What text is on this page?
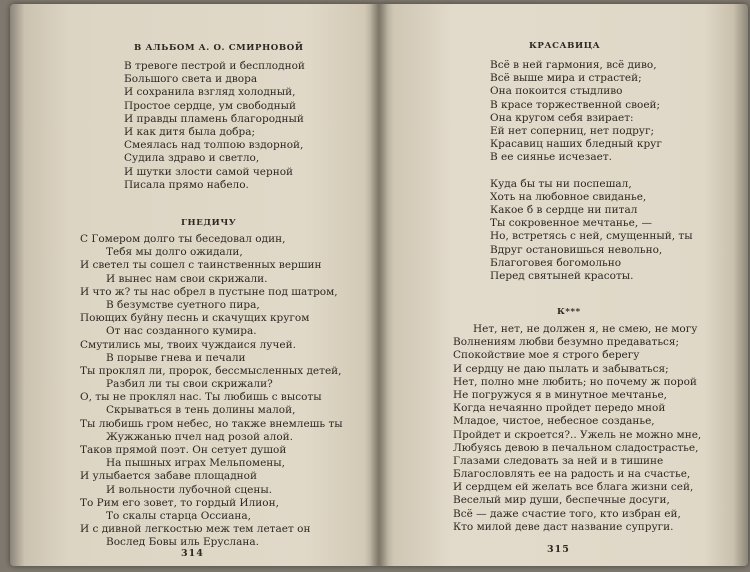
В АЛЬБОМ А. О. СМИРНОВОЙ
В тревоге пестрой и бесплодной
Большого света и двора
И сохранила взгляд холодный,
Простое сердце, ум свободный
И правды пламень благородный
И как дитя была добра;
Смеялась над толпою вздорной,
Судила здраво и светло,
И шутки злости самой черной
Писала прямо набело.
ГНЕДИЧУ
С Гомером долго ты беседовал один,
Тебя мы долго ожидали,
И светел ты сошел с таинственных вершин
И вынес нам свои скрижали.
И что ж? ты нас обрел в пустыне под шатром,
В безумстве суетного пира,
Поющих буйну песнь и скачущих кругом
От нас созданного кумира.
Смутились мы, твоих чуждаися лучей.
В порыве гнева и печали
Ты проклял ли, пророк, бессмысленных детей,
Разбил ли ты свои скрижали?
О, ты не проклял нас. Ты любишь с высоты
Скрываться в тень долины малой,
Ты любишь гром небес, но также внемлешь ты
Жужжанью пчел над розой алой.
Таков прямой поэт. Он сетует душой
На пышных играх Мельпомены,
И улыбается забаве площадной
И вольности лубочной сцены.
То Рим его зовет, то гордый Илион,
То скалы старца Оссиана,
И с дивной легкостью меж тем летает он
Вослед Бовы иль Еруслана.
314
КРАСАВИЦА
Всё в ней гармония, всё диво,
Всё выше мира и страстей;
Она покоится стыдливо
В красе торжественной своей;
Она кругом себя взирает:
Ей нет соперниц, нет подруг;
Красавиц наших бледный круг
В ее сиянье исчезает.
Куда бы ты ни поспешал,
Хоть на любовное свиданье,
Какое б в сердце ни питал
Ты сокровенное мечтанье, —
Но, встретясь с ней, смущенный, ты
Вдруг остановишься невольно,
Благоговея богомольно
Перед святыней красоты.
К***
Нет, нет, не должен я, не смею, не могу
Волнениям любви безумно предаваться;
Спокойствие мое я строго берегу
И сердцу не даю пылать и забываться;
Нет, полно мне любить; но почему ж порой
Не погружуся я в минутное мечтанье,
Когда нечаянно пройдет передо мной
Младое, чистое, небесное созданье,
Пройдет и скроется?.. Ужель не можно мне,
Любуясь девою в печальном сладострастье,
Глазами следовать за ней и в тишине
Благословлять ее на радость и на счастье,
И сердцем ей желать все блага жизни сей,
Веселый мир души, беспечные досуги,
Всё — даже счастие того, кто избран ей,
Кто милой деве даст название супруги.
315
